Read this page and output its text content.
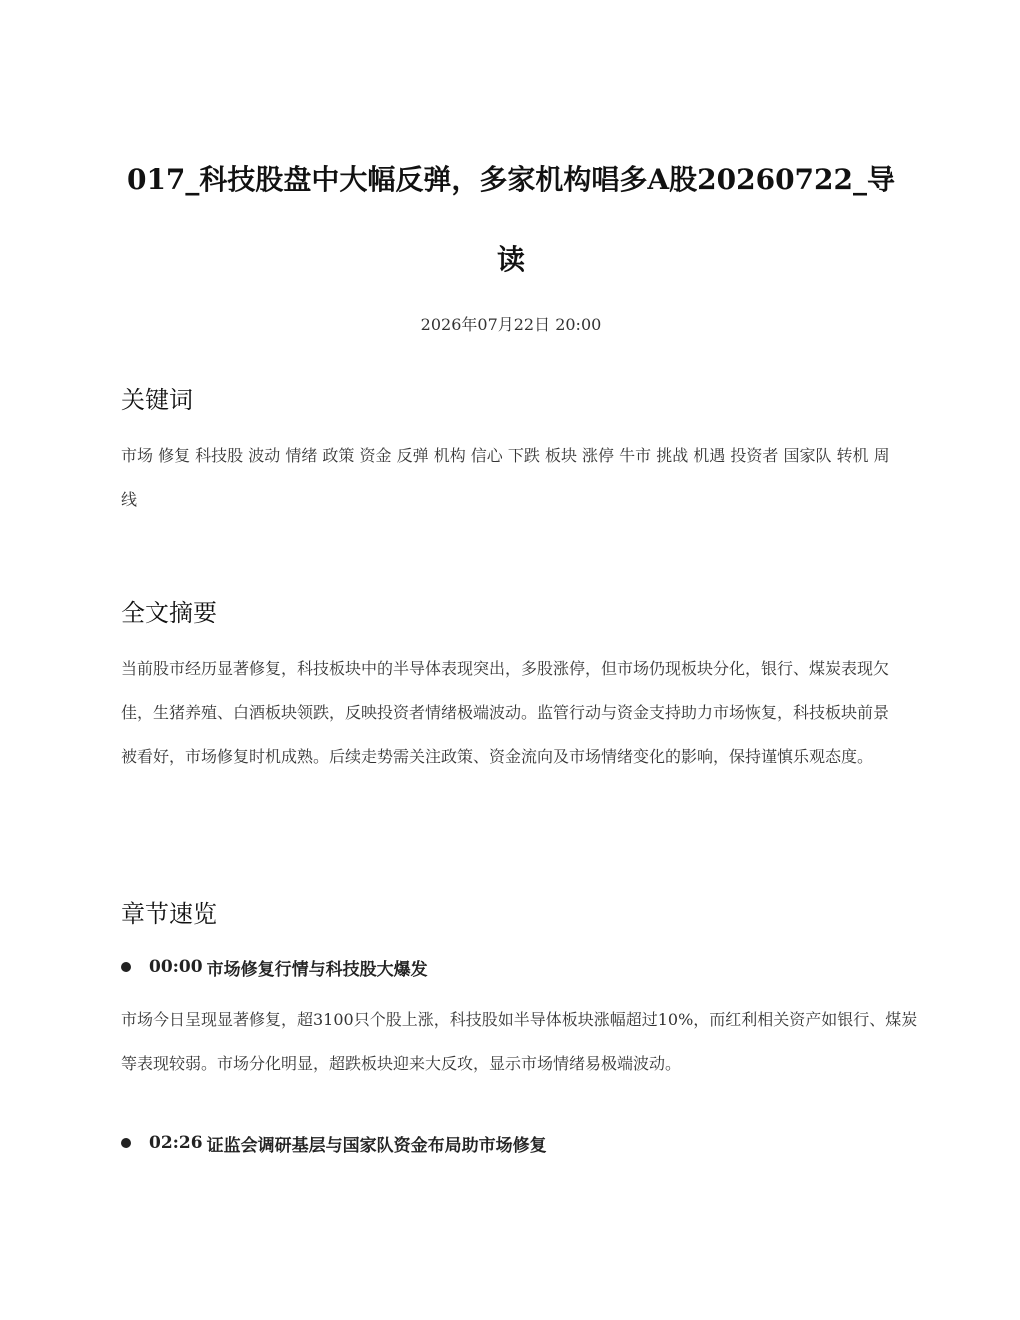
017_科技股盘中大幅反弹，多家机构唱多A股20260722_导读
2026年07月22日 20:00
关键词
市场 修复 科技股 波动 情绪 政策 资金 反弹 机构 信心 下跌 板块 涨停 牛市 挑战 机遇 投资者 国家队 转机 周线
全文摘要
当前股市经历显著修复，科技板块中的半导体表现突出，多股涨停，但市场仍现板块分化，银行、煤炭表现欠佳，生猪养殖、白酒板块领跌，反映投资者情绪极端波动。监管行动与资金支持助力市场恢复，科技板块前景被看好，市场修复时机成熟。后续走势需关注政策、资金流向及市场情绪变化的影响，保持谨慎乐观态度。
章节速览
00:00 市场修复行情与科技股大爆发
市场今日呈现显著修复，超3100只个股上涨，科技股如半导体板块涨幅超过10%，而红利相关资产如银行、煤炭等表现较弱。市场分化明显，超跌板块迎来大反攻，显示市场情绪易极端波动。
02:26 证监会调研基层与国家队资金布局助市场修复
